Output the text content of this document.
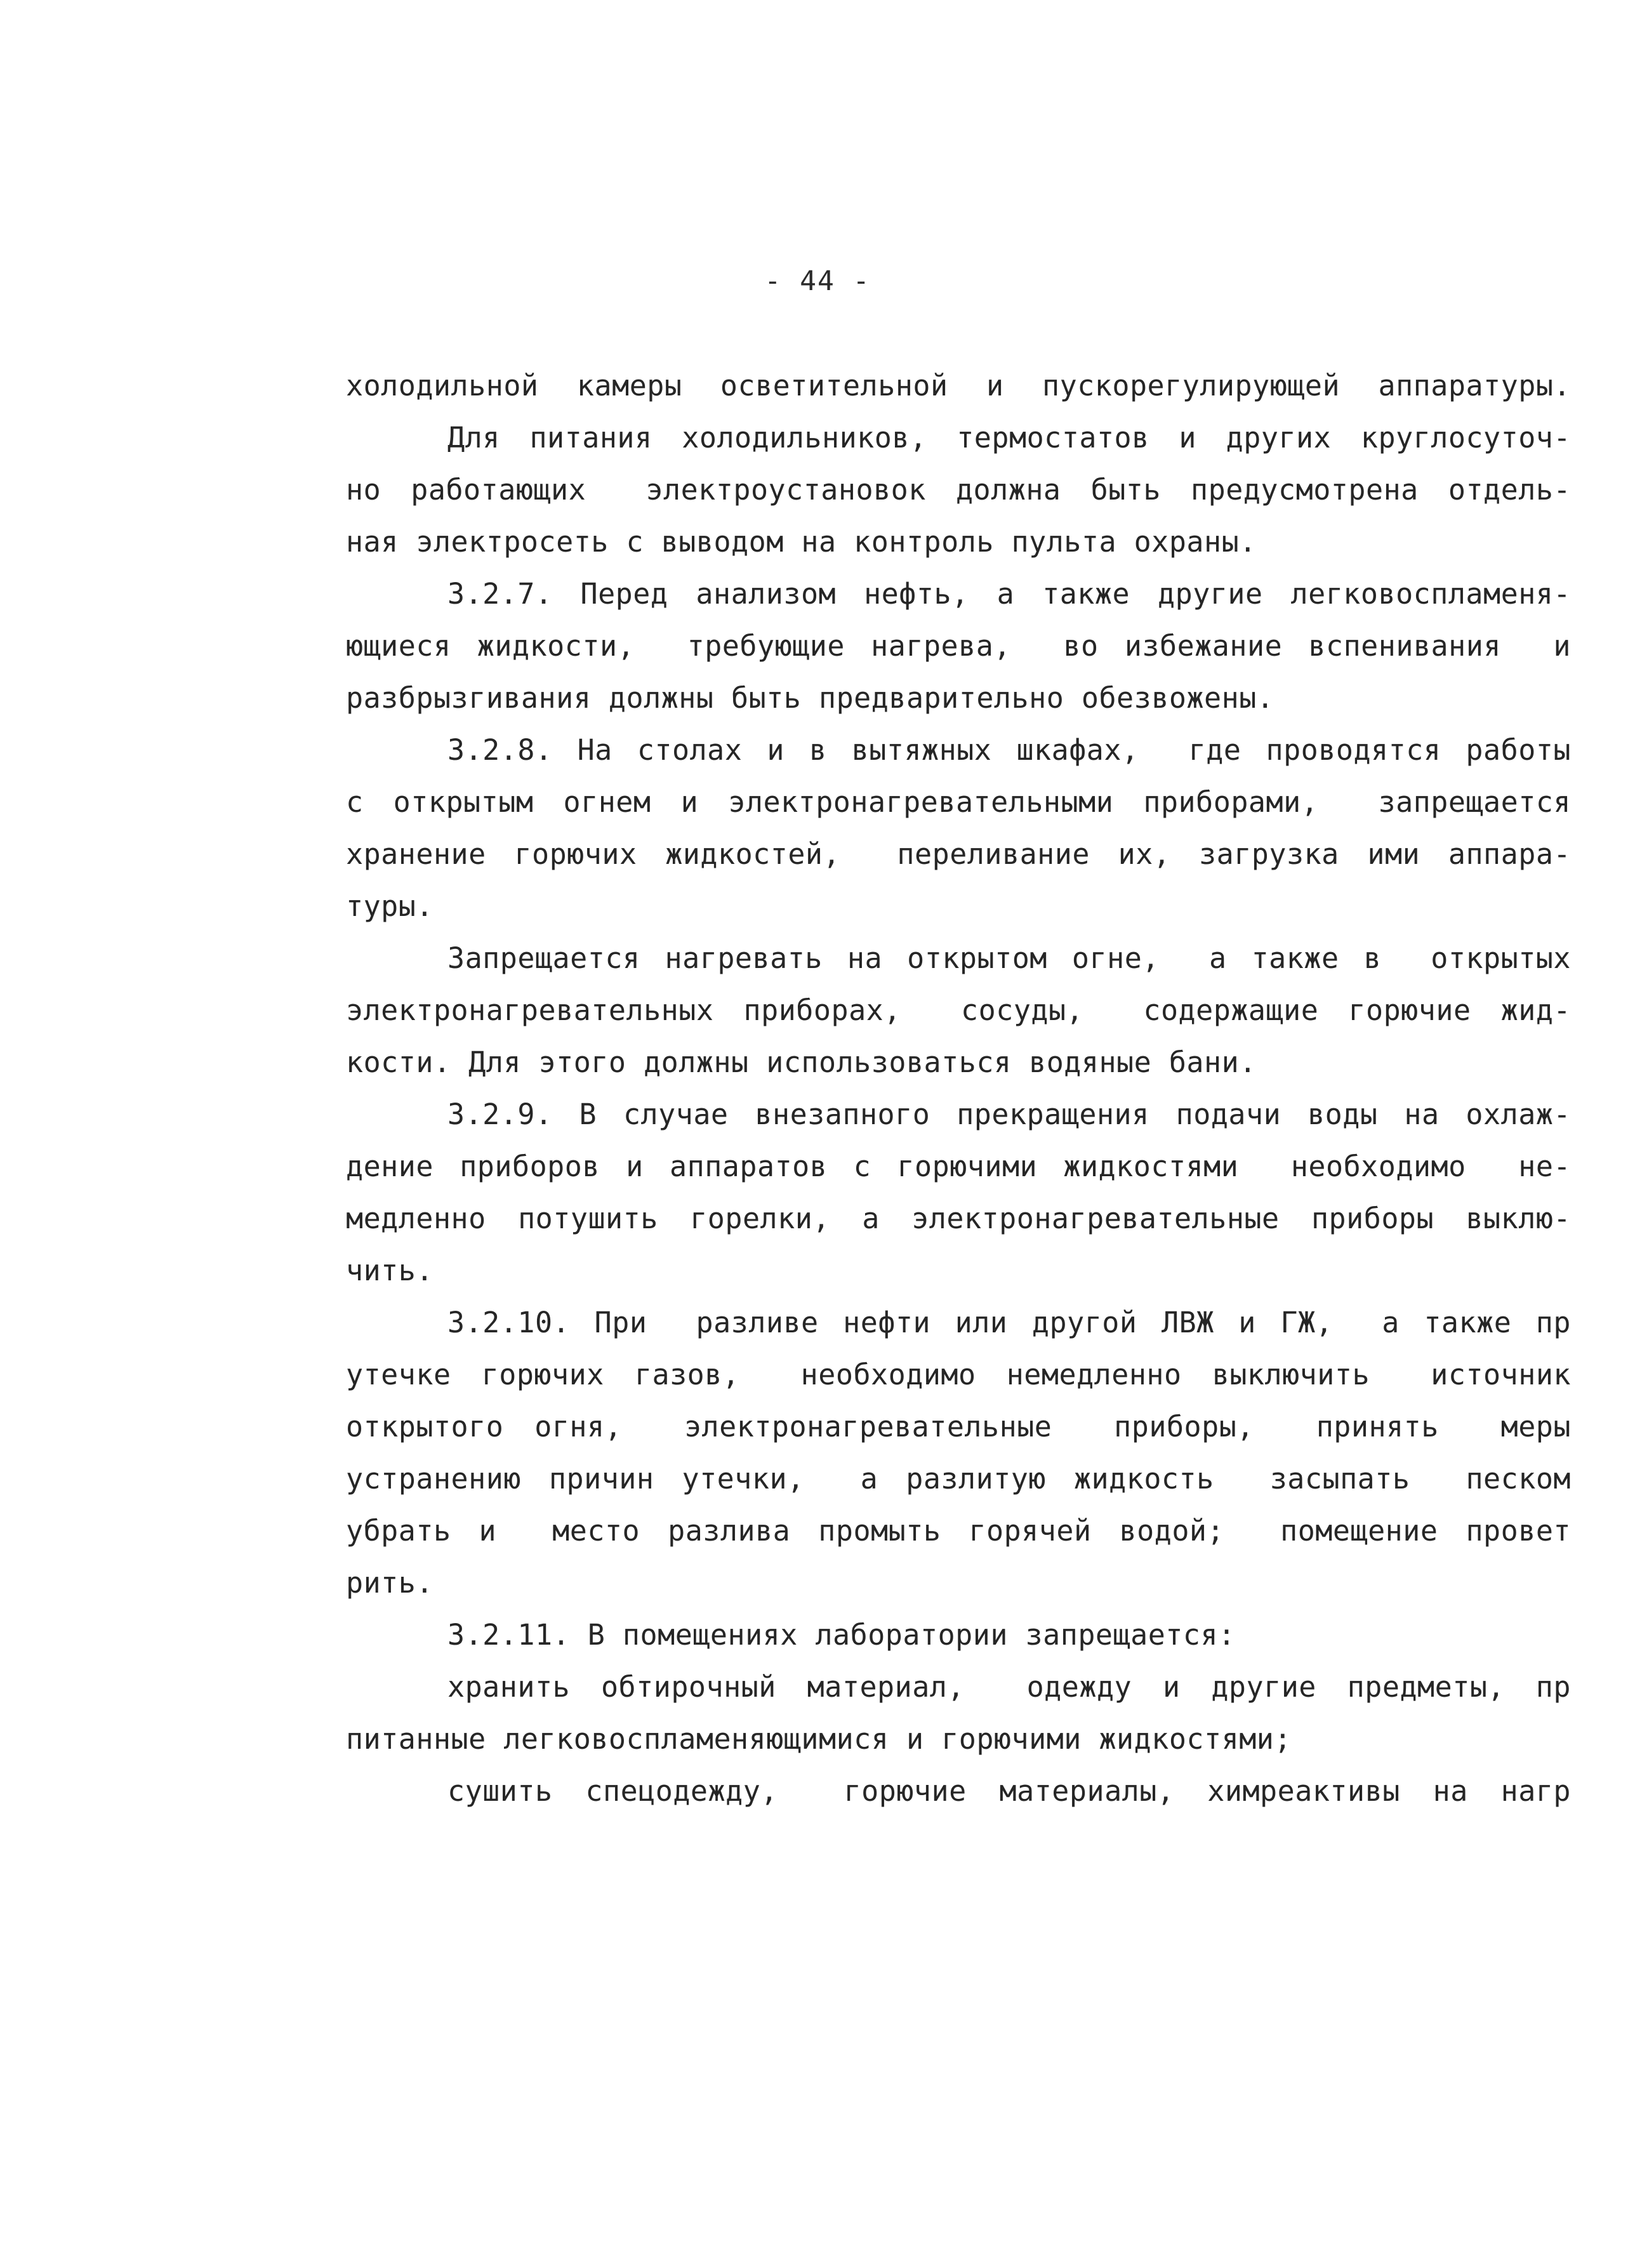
- 44 -
холодильной камеры осветительной и пускорегулирующей аппаратуры.
Для питания холодильников, термостатов и других круглосуточ-
но работающих  электроустановок должна быть предусмотрена отдель-
ная электросеть с выводом на контроль пульта охраны.
3.2.7. Перед анализом нефть, а также другие легковоспламеня-
ющиеся жидкости,  требующие нагрева,  во избежание вспенивания  и
разбрызгивания должны быть предварительно обезвожены.
3.2.8. На столах и в вытяжных шкафах,  где проводятся работы
с открытым огнем и электронагревательными приборами,  запрещается
хранение горючих жидкостей,  переливание их, загрузка ими аппара-
туры.
Запрещается нагревать на открытом огне,  а также в  открытых
электронагревательных приборах,  сосуды,  содержащие горючие жид-
кости. Для этого должны использоваться водяные бани.
3.2.9. В случае внезапного прекращения подачи воды на охлаж-
дение приборов и аппаратов с горючими жидкостями  необходимо  не-
медленно потушить горелки, а электронагревательные приборы выклю-
чить.
3.2.10. При  разливе нефти или другой ЛВЖ и ГЖ,  а также пр
утечке горючих газов,  необходимо немедленно выключить  источник
открытого огня,  электронагревательные  приборы,  принять  меры
устранению причин утечки,  а разлитую жидкость  засыпать  песком
убрать и  место разлива промыть горячей водой;  помещение провет
рить.
3.2.11. В помещениях лаборатории запрещается:
хранить обтирочный материал,  одежду и другие предметы, пр
питанные легковоспламеняющимися и горючими жидкостями;
сушить спецодежду,  горючие материалы, химреактивы на нагр
